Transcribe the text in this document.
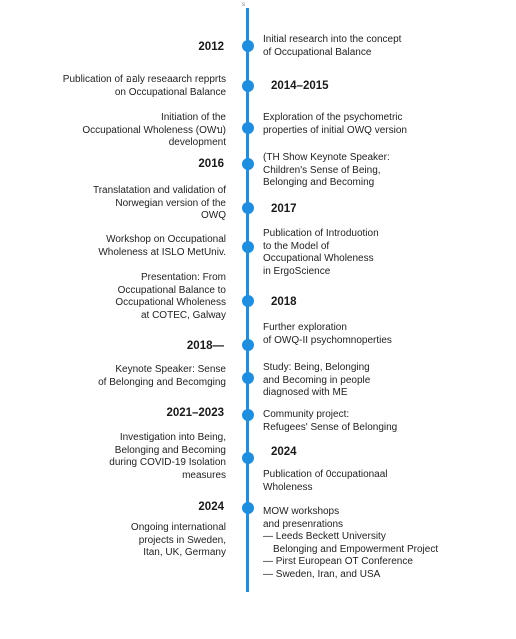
s
2012
2014–2015
2016
2017
2018
2018—
2021–2023
2024
2024
Initial research into the concept
of Occupational Balance
Exploration of the psychometric
properties of initial OWQ version
(TH Show Keynote Speaker:
Children's Sense of Being,
Belonging and Becoming
Publication of Introduotion
to the Model of
Occupational Wholeness
in ErgoScience
Further exploration
of OWQ-II psychomnoperties
Study: Being, Belonging
and Becoming in people
diagnosed with ME
Community project:
Refugees' Sense of Belonging
Publication of 0ccupationaal
Wholeness
MOW workshops
and presenrations
— Leeds Beckett University
Belonging and Empowerment Project
— Pirst European OT Conference
— Sweden, Iran, and USA
Publication of ออly reseaarch repprts
on Occupational Balance
Initiation of the
Occupational Wholeness (OWบ)
development
Translatation and validation of
Norwegian version of the
OWQ
Workshop on Occupational
Wholeness at ISLO MetUniv.
Presentation: From
Occupational Balance to
Occupational Wholeness
at COTEC, Galway
Keynote Speaker: Sense
of Belonging and Becomging
Investigation into Being,
Belonging and Becoming
during COVID-19 Isolation
measures
Ongoing international
projects in Sweden,
Itan, UK, Germany
